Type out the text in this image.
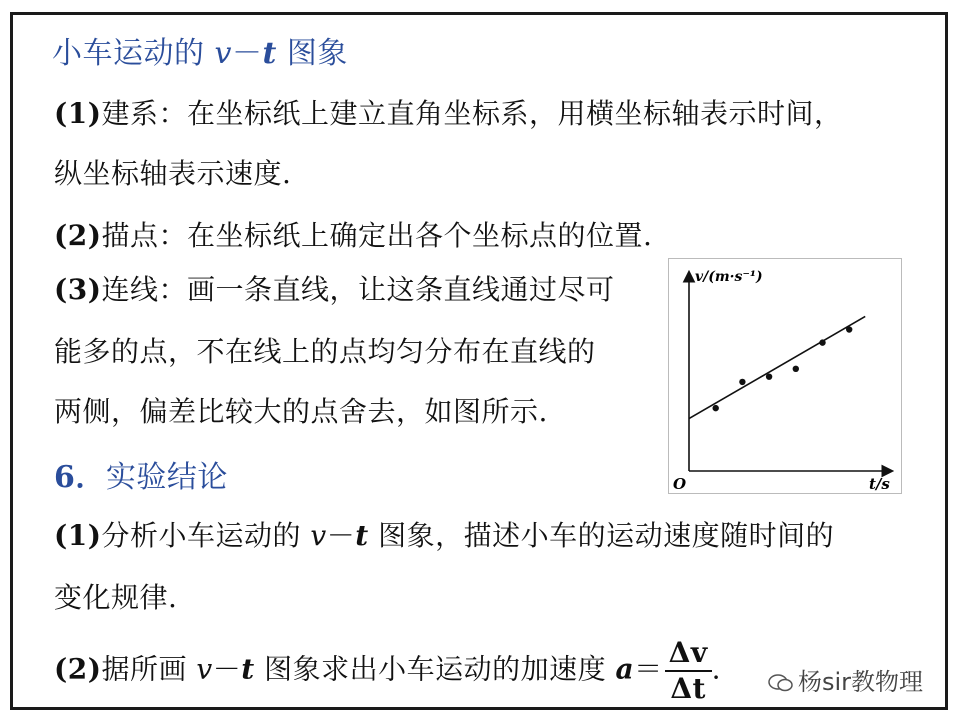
小车运动的 v－t 图象
(1)建系：在坐标纸上建立直角坐标系，用横坐标轴表示时间，
纵坐标轴表示速度.
(2)描点：在坐标纸上确定出各个坐标点的位置.
(3)连线：画一条直线，让这条直线通过尽可
能多的点，不在线上的点均匀分布在直线的
两侧，偏差比较大的点舍去，如图所示.
6．实验结论
(1)分析小车运动的 v－t 图象，描述小车的运动速度随时间的
变化规律.
(2)据所画 v－t 图象求出小车运动的加速度 $a= \frac{\Delta v}{\Delta t}$ .
v/(m·s⁻¹)
t/s
O
杨sir教物理
